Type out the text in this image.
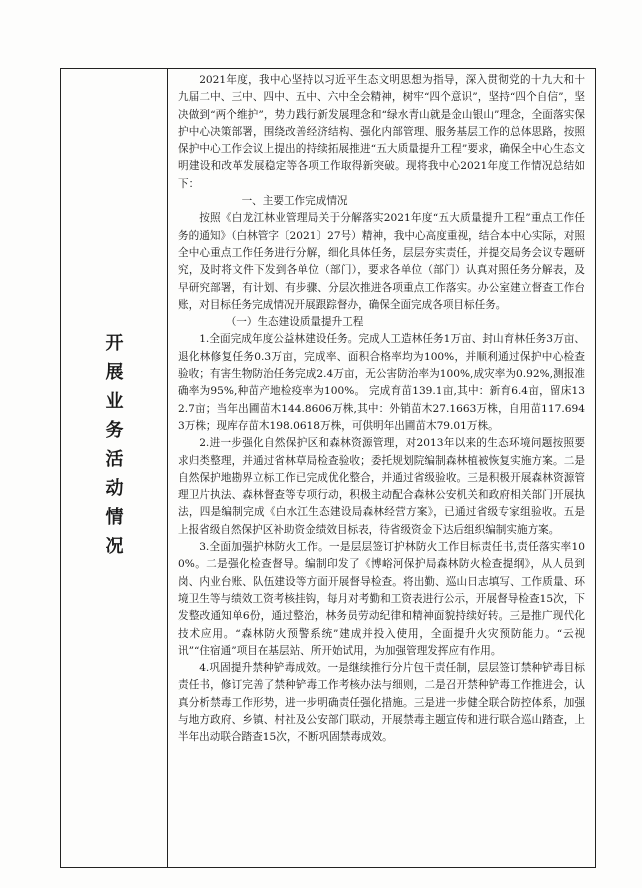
开
展
业
务
活
动
情
况

2021年度，我中心坚持以习近平生态文明思想为指导，深入贯彻党的十九大和十九届二中、三中、四中、五中、六中全会精神，树牢“四个意识”，坚持“四个自信”，坚决做到“两个维护”，势力践行新发展理念和“绿水青山就是金山银山”理念，全面落实保护中心决策部署，围绕改善经济结构、强化内部管理、服务基层工作的总体思路，按照保护中心工作会议上提出的持续拓展推进“五大质量提升工程”要求，确保全中心生态文明建设和改革发展稳定等各项工作取得新突破。现将我中心2021年度工作情况总结如下：

一、主要工作完成情况

按照《白龙江林业管理局关于分解落实2021年度“五大质量提升工程”重点工作任务的通知》（白林管字〔2021〕27号）精神，我中心高度重视，结合本中心实际，对照全中心重点工作任务进行分解，细化具体任务，层层夯实责任，并提交局务会议专题研究，及时将文件下发到各单位（部门），要求各单位（部门）认真对照任务分解表，及早研究部署，有计划、有步骤、分层次推进各项重点工作落实。办公室建立督查工作台账，对目标任务完成情况开展跟踪督办，确保全面完成各项目标任务。

（一）生态建设质量提升工程

1.全面完成年度公益林建设任务。完成人工造林任务1万亩、封山育林任务3万亩、退化林修复任务0.3万亩，完成率、面积合格率均为100%，并顺利通过保护中心检查验收；有害生物防治任务完成2.4万亩，无公害防治率为100%,成灾率为0.92%,测报准确率为95%,种苗产地检疫率为100%。 完成育苗139.1亩,其中：新育6.4亩，留床132.7亩；当年出圃苗木144.8606万株,其中：外销苗木27.1663万株，自用苗117.6943万株；现库存苗木198.0618万株，可供明年出圃苗木79.01万株。

2.进一步强化自然保护区和森林资源管理，对2013年以来的生态环境问题按照要求归类整理，并通过省林草局检查验收；委托规划院编制森林植被恢复实施方案。二是自然保护地勘界立标工作已完成优化整合，并通过省级验收。三是积极开展森林资源管理卫片执法、森林督查等专项行动，积极主动配合森林公安机关和政府相关部门开展执法，四是编制完成《白水江生态建设局森林经营方案》，已通过省级专家组验收。五是上报省级自然保护区补助资金绩效目标表，待省级资金下达后组织编制实施方案。

3.全面加强护林防火工作。一是层层签订护林防火工作目标责任书,责任落实率100%。二是强化检查督导。编制印发了《博峪河保护局森林防火检查提纲》，从人员到岗、内业台账、队伍建设等方面开展督导检查。将出勤、巡山日志填写、工作质量、环境卫生等与绩效工资考核挂钩，每月对考勤和工资表进行公示，开展督导检查15次，下发整改通知单6份，通过整治，林务员劳动纪律和精神面貌持续好转。三是推广现代化技术应用。“森林防火预警系统”建成并投入使用，全面提升火灾预防能力。“云视讯”“住宿通”项目在基层站、所开始试用，为加强管理发挥应有作用。

4.巩固提升禁种铲毒成效。一是继续推行分片包干责任制，层层签订禁种铲毒目标责任书，修订完善了禁种铲毒工作考核办法与细则，二是召开禁种铲毒工作推进会，认真分析禁毒工作形势，进一步明确责任强化措施。三是进一步健全联合防控体系，加强与地方政府、乡镇、村社及公安部门联动，开展禁毒主题宣传和进行联合巡山踏查，上半年出动联合踏查15次，不断巩固禁毒成效。
